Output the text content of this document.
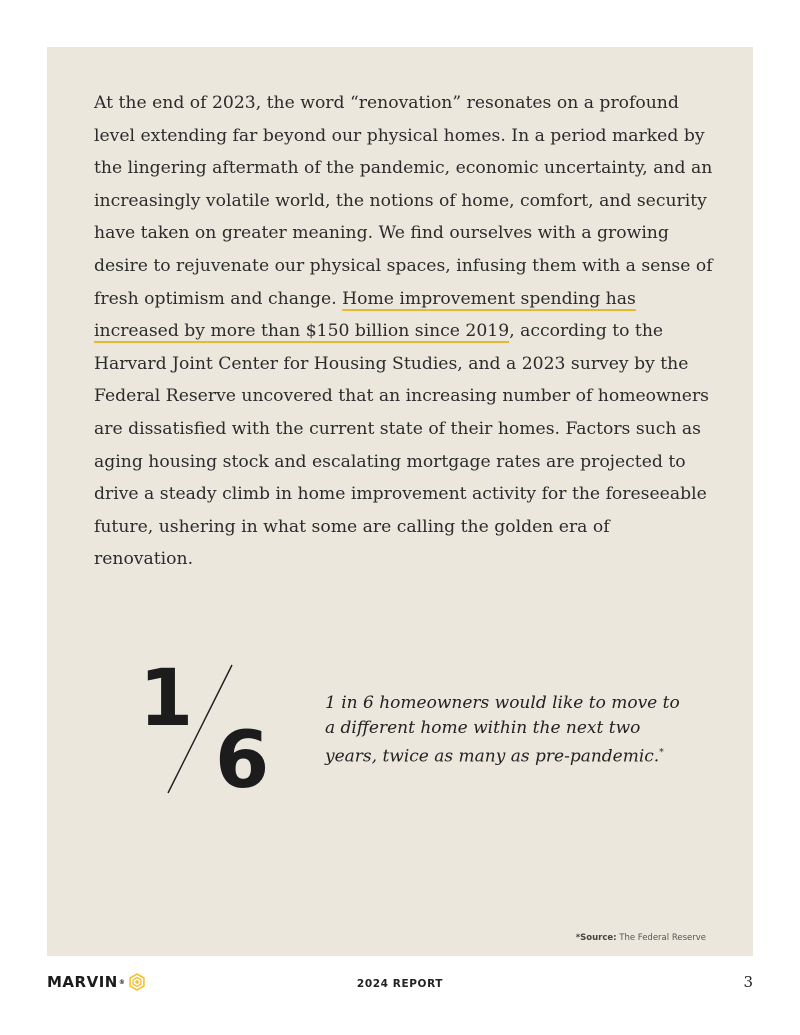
At the end of 2023, the word “renovation” resonates on a profound level extending far beyond our physical homes. In a period marked by the lingering aftermath of the pandemic, economic uncertainty, and an increasingly volatile world, the notions of home, comfort, and security have taken on greater meaning. We find ourselves with a growing desire to rejuvenate our physical spaces, infusing them with a sense of fresh optimism and change. Home improvement spending has increased by more than $150 billion since 2019, according to the Harvard Joint Center for Housing Studies, and a 2023 survey by the Federal Reserve uncovered that an increasing number of homeowners are dissatisfied with the current state of their homes. Factors such as aging housing stock and escalating mortgage rates are projected to drive a steady climb in home improvement activity for the foreseeable future, ushering in what some are calling the golden era of renovation.

1
6

1 in 6 homeowners would like to move to a different home within the next two years, twice as many as pre-pandemic.*

*Source: The Federal Reserve
MARVIN ®	2024 REPORT	3
